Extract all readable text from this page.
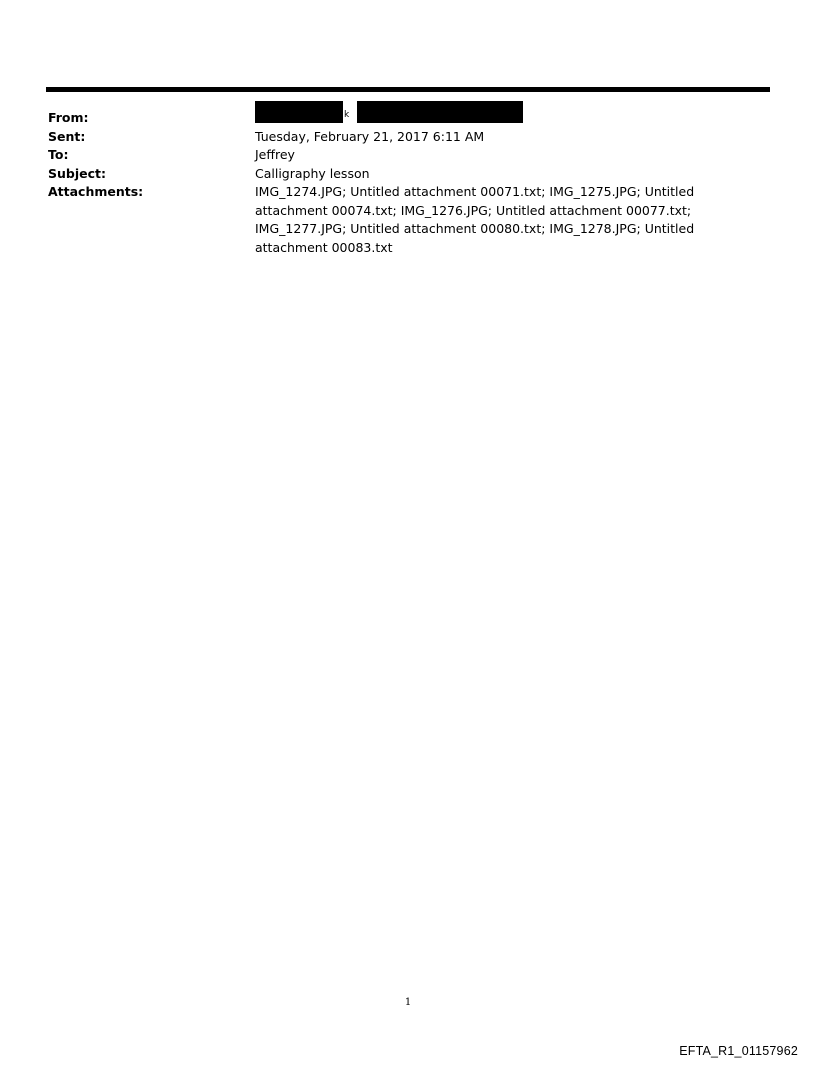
From:	k
Sent:	Tuesday, February 21, 2017 6:11 AM
To:	Jeffrey
Subject:	Calligraphy lesson
Attachments:	IMG_1274.JPG; Untitled attachment 00071.txt; IMG_1275.JPG; Untitled attachment 00074.txt; IMG_1276.JPG; Untitled attachment 00077.txt; IMG_1277.JPG; Untitled attachment 00080.txt; IMG_1278.JPG; Untitled attachment 00083.txt
1
EFTA_R1_01157962
